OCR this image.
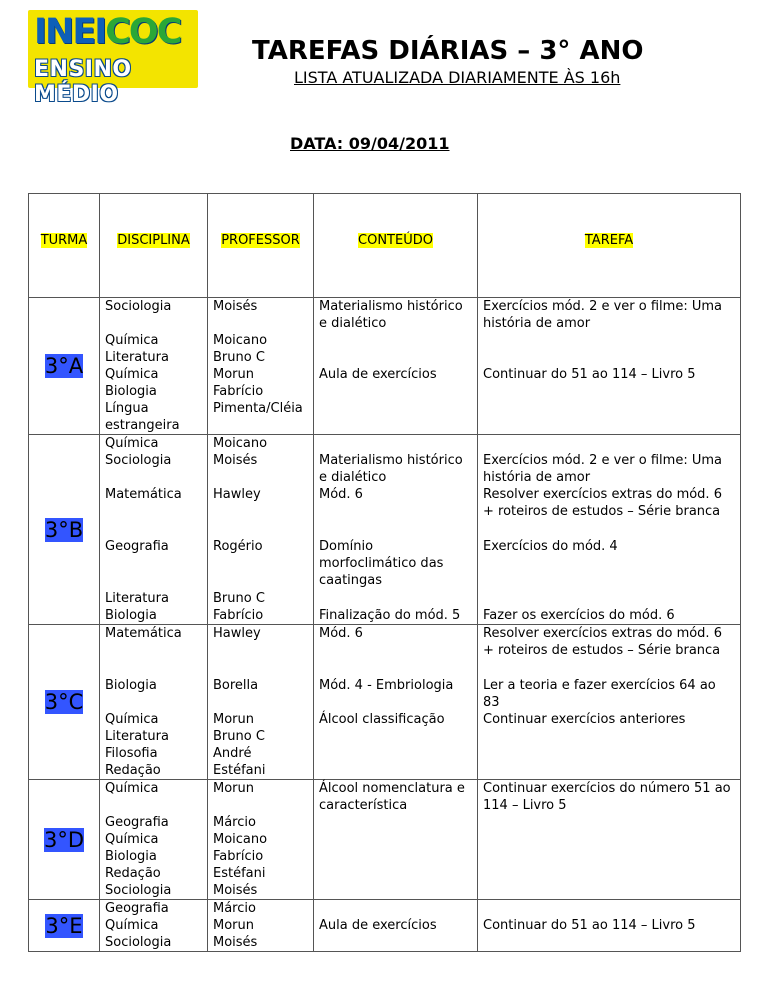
INEICOC
ENSINO MÉDIO
TAREFAS DIÁRIAS – 3° ANO
LISTA ATUALIZADA DIARIAMENTE ÀS 16h
DATA: 09/04/2011
TURMA	DISCIPLINA	PROFESSOR	CONTEÚDO	TAREFA
3°A	Sociologia	Moisés	Materialismo histórico e dialético	Exercícios mód. 2 e ver o filme: Uma história de amor
	Química	Moicano		
	Literatura	Bruno C		
	Química	Morun	Aula de exercícios	Continuar do 51 ao 114 – Livro 5
	Biologia	Fabrício		
	Língua estrangeira	Pimenta/Cléia		
3°B	Química	Moicano		
	Sociologia	Moisés	Materialismo histórico e dialético	Exercícios mód. 2 e ver o filme: Uma história de amor
	Matemática	Hawley	Mód. 6	Resolver exercícios extras do mód. 6 + roteiros de estudos – Série branca
	Geografia	Rogério	Domínio morfoclimático das caatingas	Exercícios do mód. 4
	Literatura	Bruno C		
	Biologia	Fabrício	Finalização do mód. 5	Fazer os exercícios do mód. 6
3°C	Matemática	Hawley	Mód. 6	Resolver exercícios extras do mód. 6 + roteiros de estudos – Série branca
	Biologia	Borella	Mód. 4 - Embriologia	Ler a teoria e fazer exercícios 64 ao 83
	Química	Morun	Álcool classificação	Continuar exercícios anteriores
	Literatura	Bruno C		
	Filosofia	André		
	Redação	Estéfani		
3°D	Química	Morun	Álcool nomenclatura e característica	Continuar exercícios do número 51 ao 114 – Livro 5
	Geografia	Márcio		
	Química	Moicano		
	Biologia	Fabrício		
	Redação	Estéfani		
	Sociologia	Moisés		
3°E	Geografia	Márcio		
	Química	Morun	Aula de exercícios	Continuar do 51 ao 114 – Livro 5
	Sociologia	Moisés		
